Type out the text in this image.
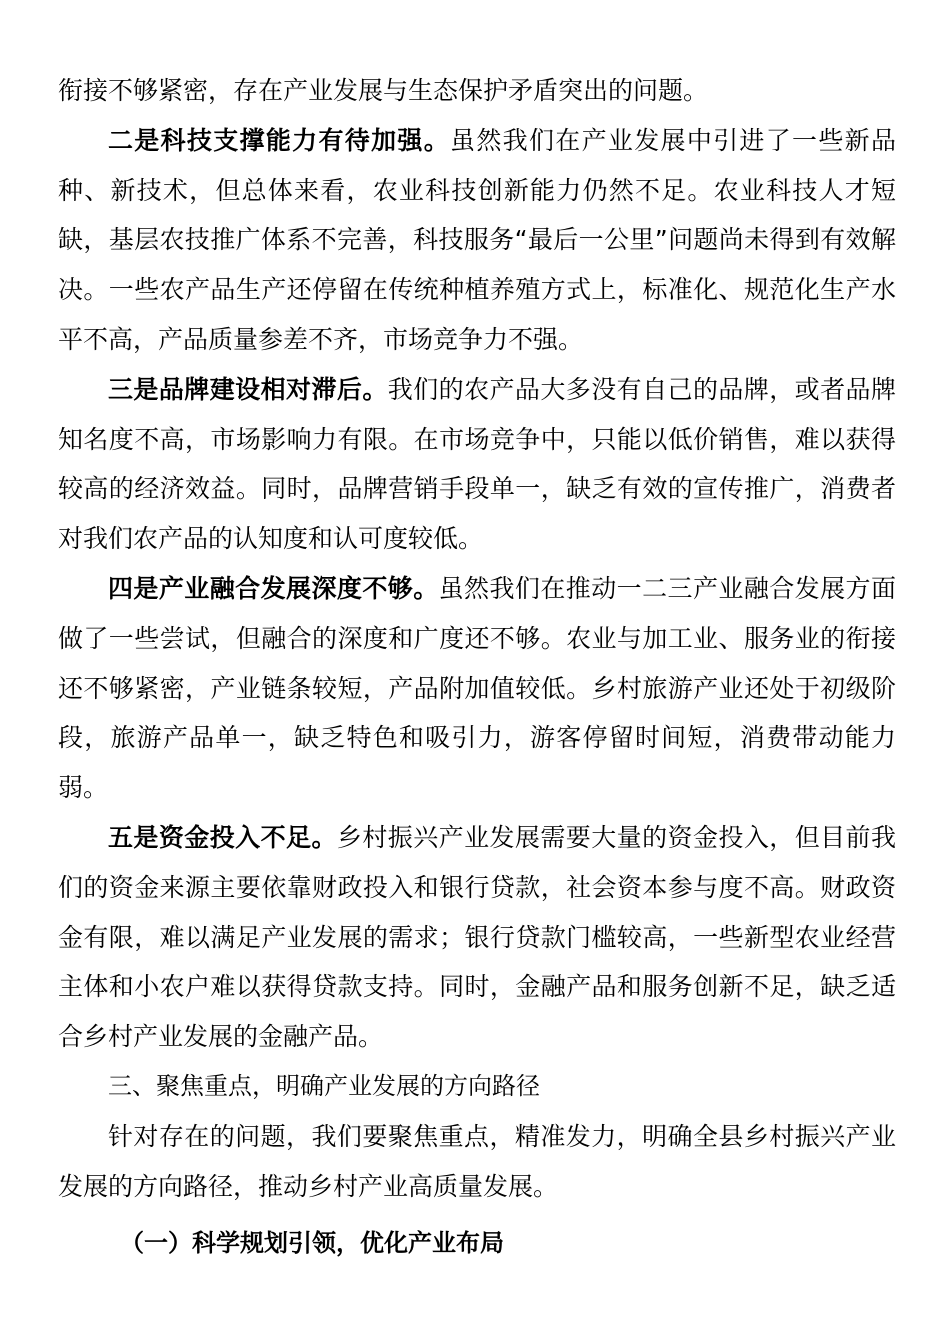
衔接不够紧密，存在产业发展与生态保护矛盾突出的问题。

二是科技支撑能力有待加强。虽然我们在产业发展中引进了一些新品种、新技术，但总体来看，农业科技创新能力仍然不足。农业科技人才短缺，基层农技推广体系不完善，科技服务“最后一公里”问题尚未得到有效解决。一些农产品生产还停留在传统种植养殖方式上，标准化、规范化生产水平不高，产品质量参差不齐，市场竞争力不强。

三是品牌建设相对滞后。我们的农产品大多没有自己的品牌，或者品牌知名度不高，市场影响力有限。在市场竞争中，只能以低价销售，难以获得较高的经济效益。同时，品牌营销手段单一，缺乏有效的宣传推广，消费者对我们农产品的认知度和认可度较低。

四是产业融合发展深度不够。虽然我们在推动一二三产业融合发展方面做了一些尝试，但融合的深度和广度还不够。农业与加工业、服务业的衔接还不够紧密，产业链条较短，产品附加值较低。乡村旅游产业还处于初级阶段，旅游产品单一，缺乏特色和吸引力，游客停留时间短，消费带动能力弱。

五是资金投入不足。乡村振兴产业发展需要大量的资金投入，但目前我们的资金来源主要依靠财政投入和银行贷款，社会资本参与度不高。财政资金有限，难以满足产业发展的需求；银行贷款门槛较高，一些新型农业经营主体和小农户难以获得贷款支持。同时，金融产品和服务创新不足，缺乏适合乡村产业发展的金融产品。

三、聚焦重点，明确产业发展的方向路径

针对存在的问题，我们要聚焦重点，精准发力，明确全县乡村振兴产业发展的方向路径，推动乡村产业高质量发展。

（一）科学规划引领，优化产业布局
